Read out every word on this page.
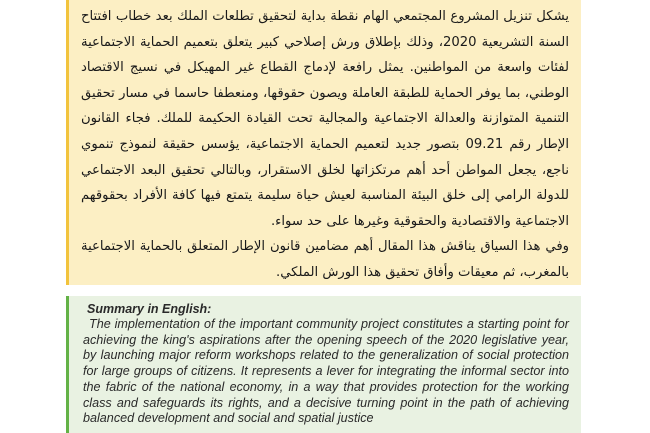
يشكل تنزيل المشروع المجتمعي الهام نقطة بداية لتحقيق تطلعات الملك بعد خطاب افتتاح السنة التشريعية 2020، وذلك بإطلاق ورش إصلاحي كبير يتعلق بتعميم الحماية الاجتماعية لفئات واسعة من المواطنين. يمثل رافعة لإدماج القطاع غير المهيكل في نسيج الاقتصاد الوطني، بما يوفر الحماية للطبقة العاملة ويصون حقوقها، ومنعطفا حاسما في مسار تحقيق التنمية المتوازنة والعدالة الاجتماعية والمجالية تحت القيادة الحكيمة للملك. فجاء القانون الإطار رقم 09.21 بتصور جديد لتعميم الحماية الاجتماعية، يؤسس حقيقة لنموذج تنموي ناجع، يجعل المواطن أحد أهم مرتكزاتها لخلق الاستقرار، وبالتالي تحقيق البعد الاجتماعي للدولة الرامي إلى خلق البيئة المناسبة لعيش حياة سليمة يتمتع فيها كافة الأفراد بحقوقهم الاجتماعية والاقتصادية والحقوقية وغيرها على حد سواء.

وفي هذا السياق يناقش هذا المقال أهم مضامين قانون الإطار المتعلق بالحماية الاجتماعية بالمغرب، ثم معيقات وأفاق تحقيق هذا الورش الملكي.

Summary in English:

The implementation of the important community project constitutes a starting point for achieving the king's aspirations after the opening speech of the 2020 legislative year, by launching major reform workshops related to the generalization of social protection for large groups of citizens. It represents a lever for integrating the informal sector into the fabric of the national economy, in a way that provides protection for the working class and safeguards its rights, and a decisive turning point in the path of achieving balanced development and social and spatial justice
